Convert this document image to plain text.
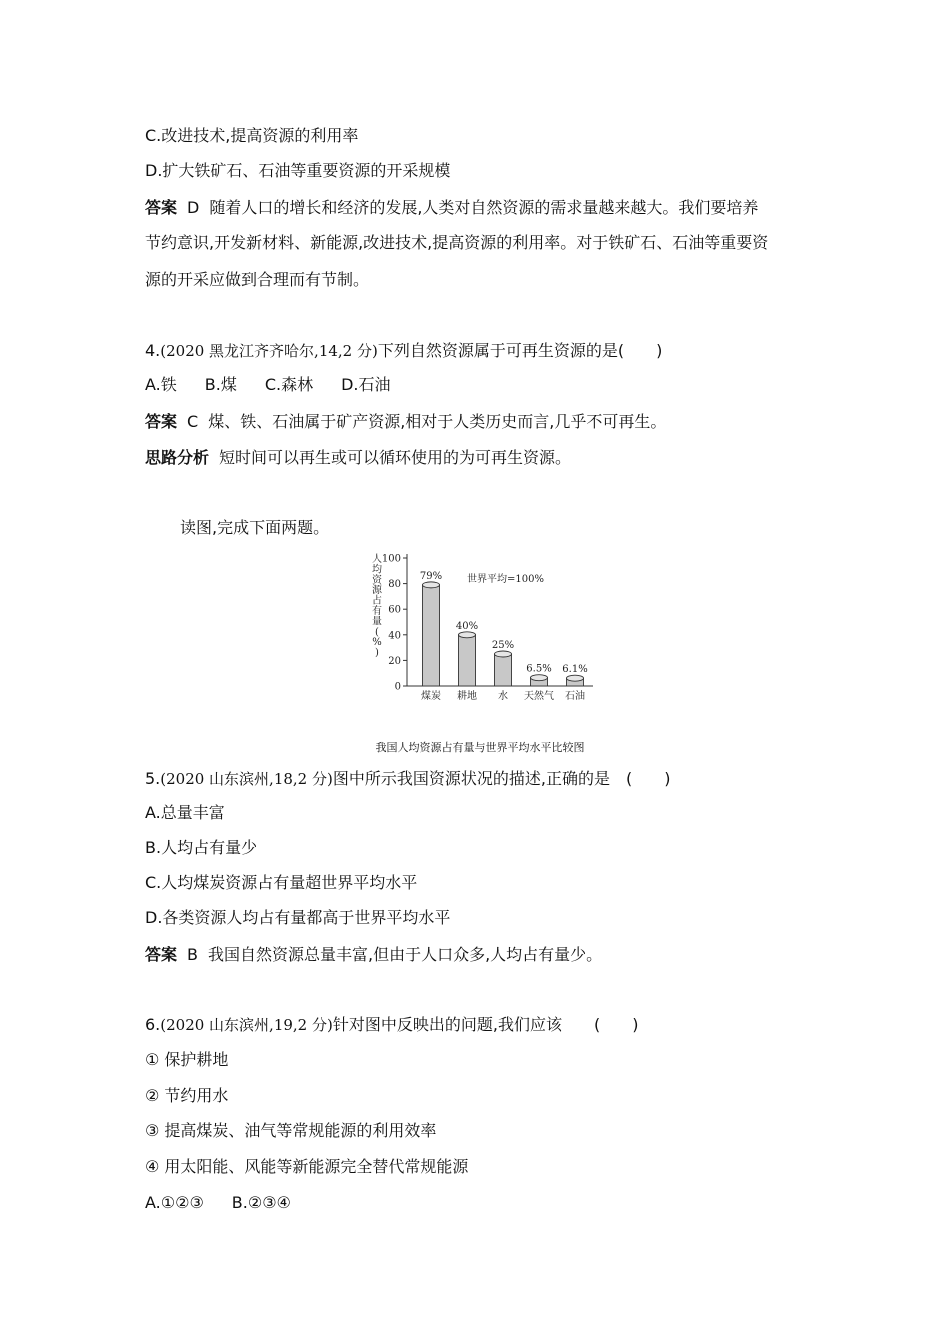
C.改进技术,提高资源的利用率
D.扩大铁矿石、石油等重要资源的开采规模
答案 D 随着人口的增长和经济的发展,人类对自然资源的需求量越来越大。我们要培养
节约意识,开发新材料、新能源,改进技术,提高资源的利用率。对于铁矿石、石油等重要资
源的开采应做到合理而有节制。
4.(2020 黑龙江齐齐哈尔,14,2 分)下列自然资源属于可再生资源的是(　　)
A.铁 B.煤 C.森林 D.石油
答案 C 煤、铁、石油属于矿产资源,相对于人类历史而言,几乎不可再生。
思路分析 短时间可以再生或可以循环使用的为可再生资源。
读图,完成下面两题。
人均资源占有量( % )
0
20
40
60
80
100
79%
40%
25%
6.5% 6.1%
煤炭 耕地 水 天然气 石油
世界平均=100%
我国人均资源占有量与世界平均水平比较图
5.(2020 山东滨州,18,2 分)图中所示我国资源状况的描述,正确的是　(　　)
A.总量丰富
B.人均占有量少
C.人均煤炭资源占有量超世界平均水平
D.各类资源人均占有量都高于世界平均水平
答案 B 我国自然资源总量丰富,但由于人口众多,人均占有量少。
6.(2020 山东滨州,19,2 分)针对图中反映出的问题,我们应该　　(　　)
① 保护耕地
② 节约用水
③ 提高煤炭、油气等常规能源的利用效率
④ 用太阳能、风能等新能源完全替代常规能源
A.①②③ B.②③④
